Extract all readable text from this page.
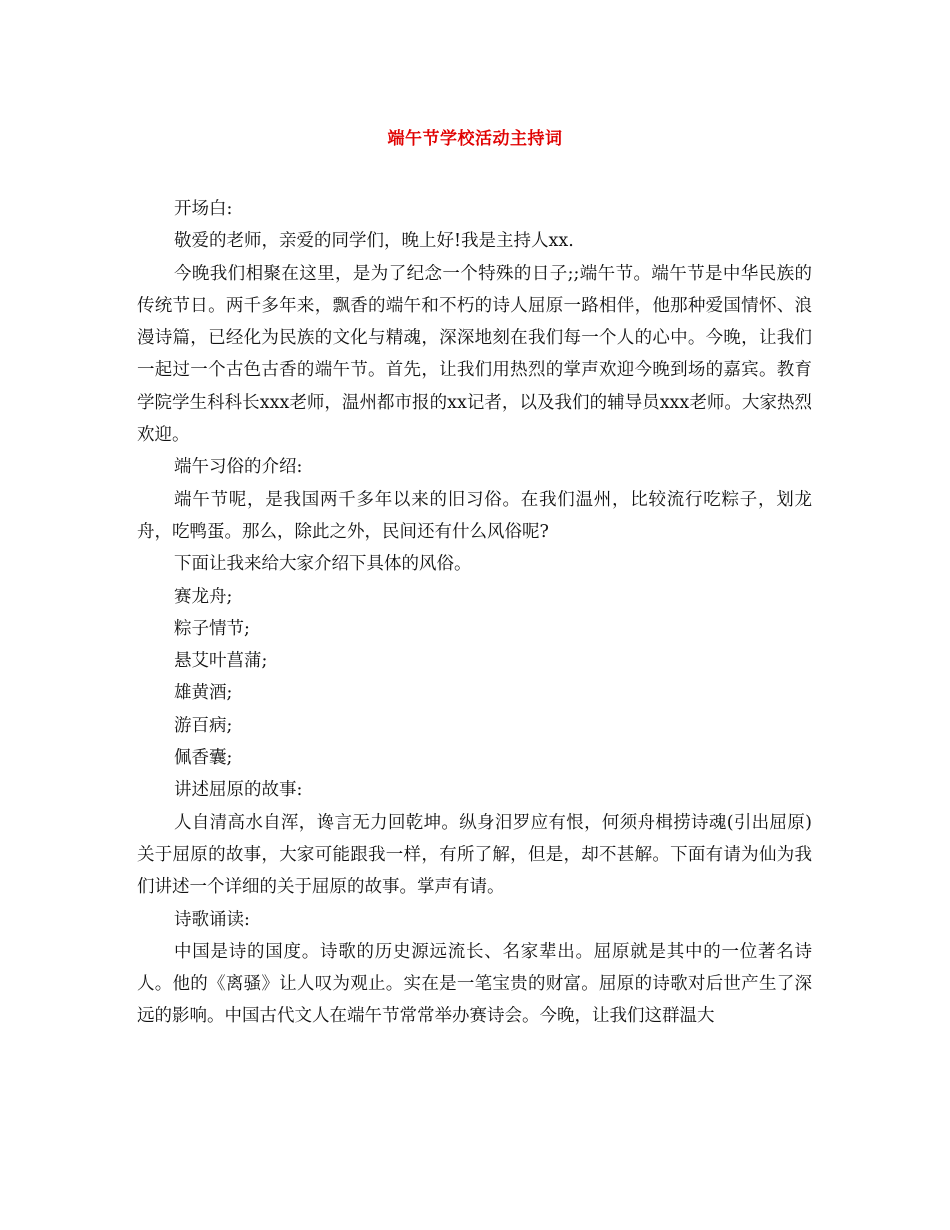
端午节学校活动主持词

开场白:

敬爱的老师，亲爱的同学们，晚上好!我是主持人xx.

今晚我们相聚在这里，是为了纪念一个特殊的日子;;端午节。端午节是中华民族的传统节日。两千多年来，飘香的端午和不朽的诗人屈原一路相伴，他那种爱国情怀、浪漫诗篇，已经化为民族的文化与精魂，深深地刻在我们每一个人的心中。今晚，让我们一起过一个古色古香的端午节。首先，让我们用热烈的掌声欢迎今晚到场的嘉宾。教育学院学生科科长xxx老师，温州都市报的xx记者，以及我们的辅导员xxx老师。大家热烈欢迎。

端午习俗的介绍:

端午节呢，是我国两千多年以来的旧习俗。在我们温州，比较流行吃粽子，划龙舟，吃鸭蛋。那么，除此之外，民间还有什么风俗呢?

下面让我来给大家介绍下具体的风俗。

赛龙舟;

粽子情节;

悬艾叶菖蒲;

雄黄酒;

游百病;

佩香囊;

讲述屈原的故事:

人自清高水自浑，谗言无力回乾坤。纵身汨罗应有恨，何须舟楫捞诗魂(引出屈原) 关于屈原的故事，大家可能跟我一样，有所了解，但是，却不甚解。下面有请为仙为我们讲述一个详细的关于屈原的故事。掌声有请。

诗歌诵读:

中国是诗的国度。诗歌的历史源远流长、名家辈出。屈原就是其中的一位著名诗人。他的《离骚》让人叹为观止。实在是一笔宝贵的财富。屈原的诗歌对后世产生了深远的影响。中国古代文人在端午节常常举办赛诗会。今晚，让我们这群温大
